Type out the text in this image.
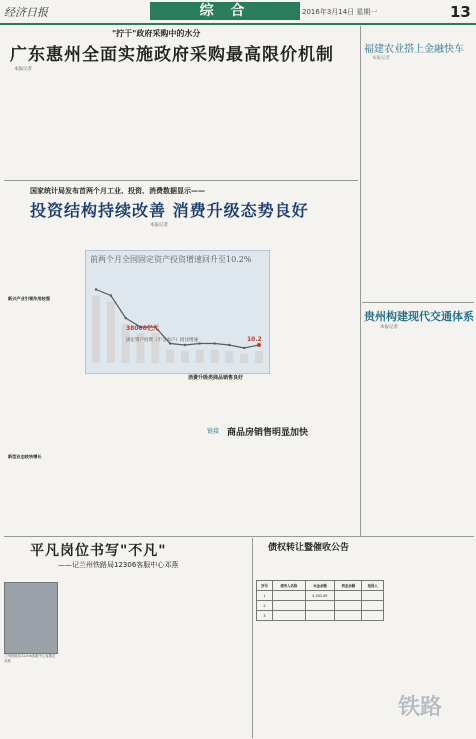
经济日报	综 合	2016年3月14日 星期一	13
"拧干"政府采购中的水分
广东惠州全面实施政府采购最高限价机制
本报记者

福建农业搭上金融快车
本报记者

贵州构建现代交通体系
本报记者

国家统计局发布首两个月工业、投资、消费数据显示——
投资结构持续改善 消费升级态势良好
本报记者

新兴产业引领作用较强
新型业态较快增长
前两个月全国固定资产投资增速回升至10.2%
10.2
38008亿元
固定资产投资（不含农户）同比增速

消费升级类商品销售良好

链接 商品房销售明显加快

平凡岗位书写"不凡"
——记兰州铁路局12306客服中心邓燕
兰州铁路局12306客服中心客服员邓燕

债权转让暨催收公告

序号	债务人名称	本金余额	利息余额	担保人
1		4,502.65		
2				
3				

铁路
